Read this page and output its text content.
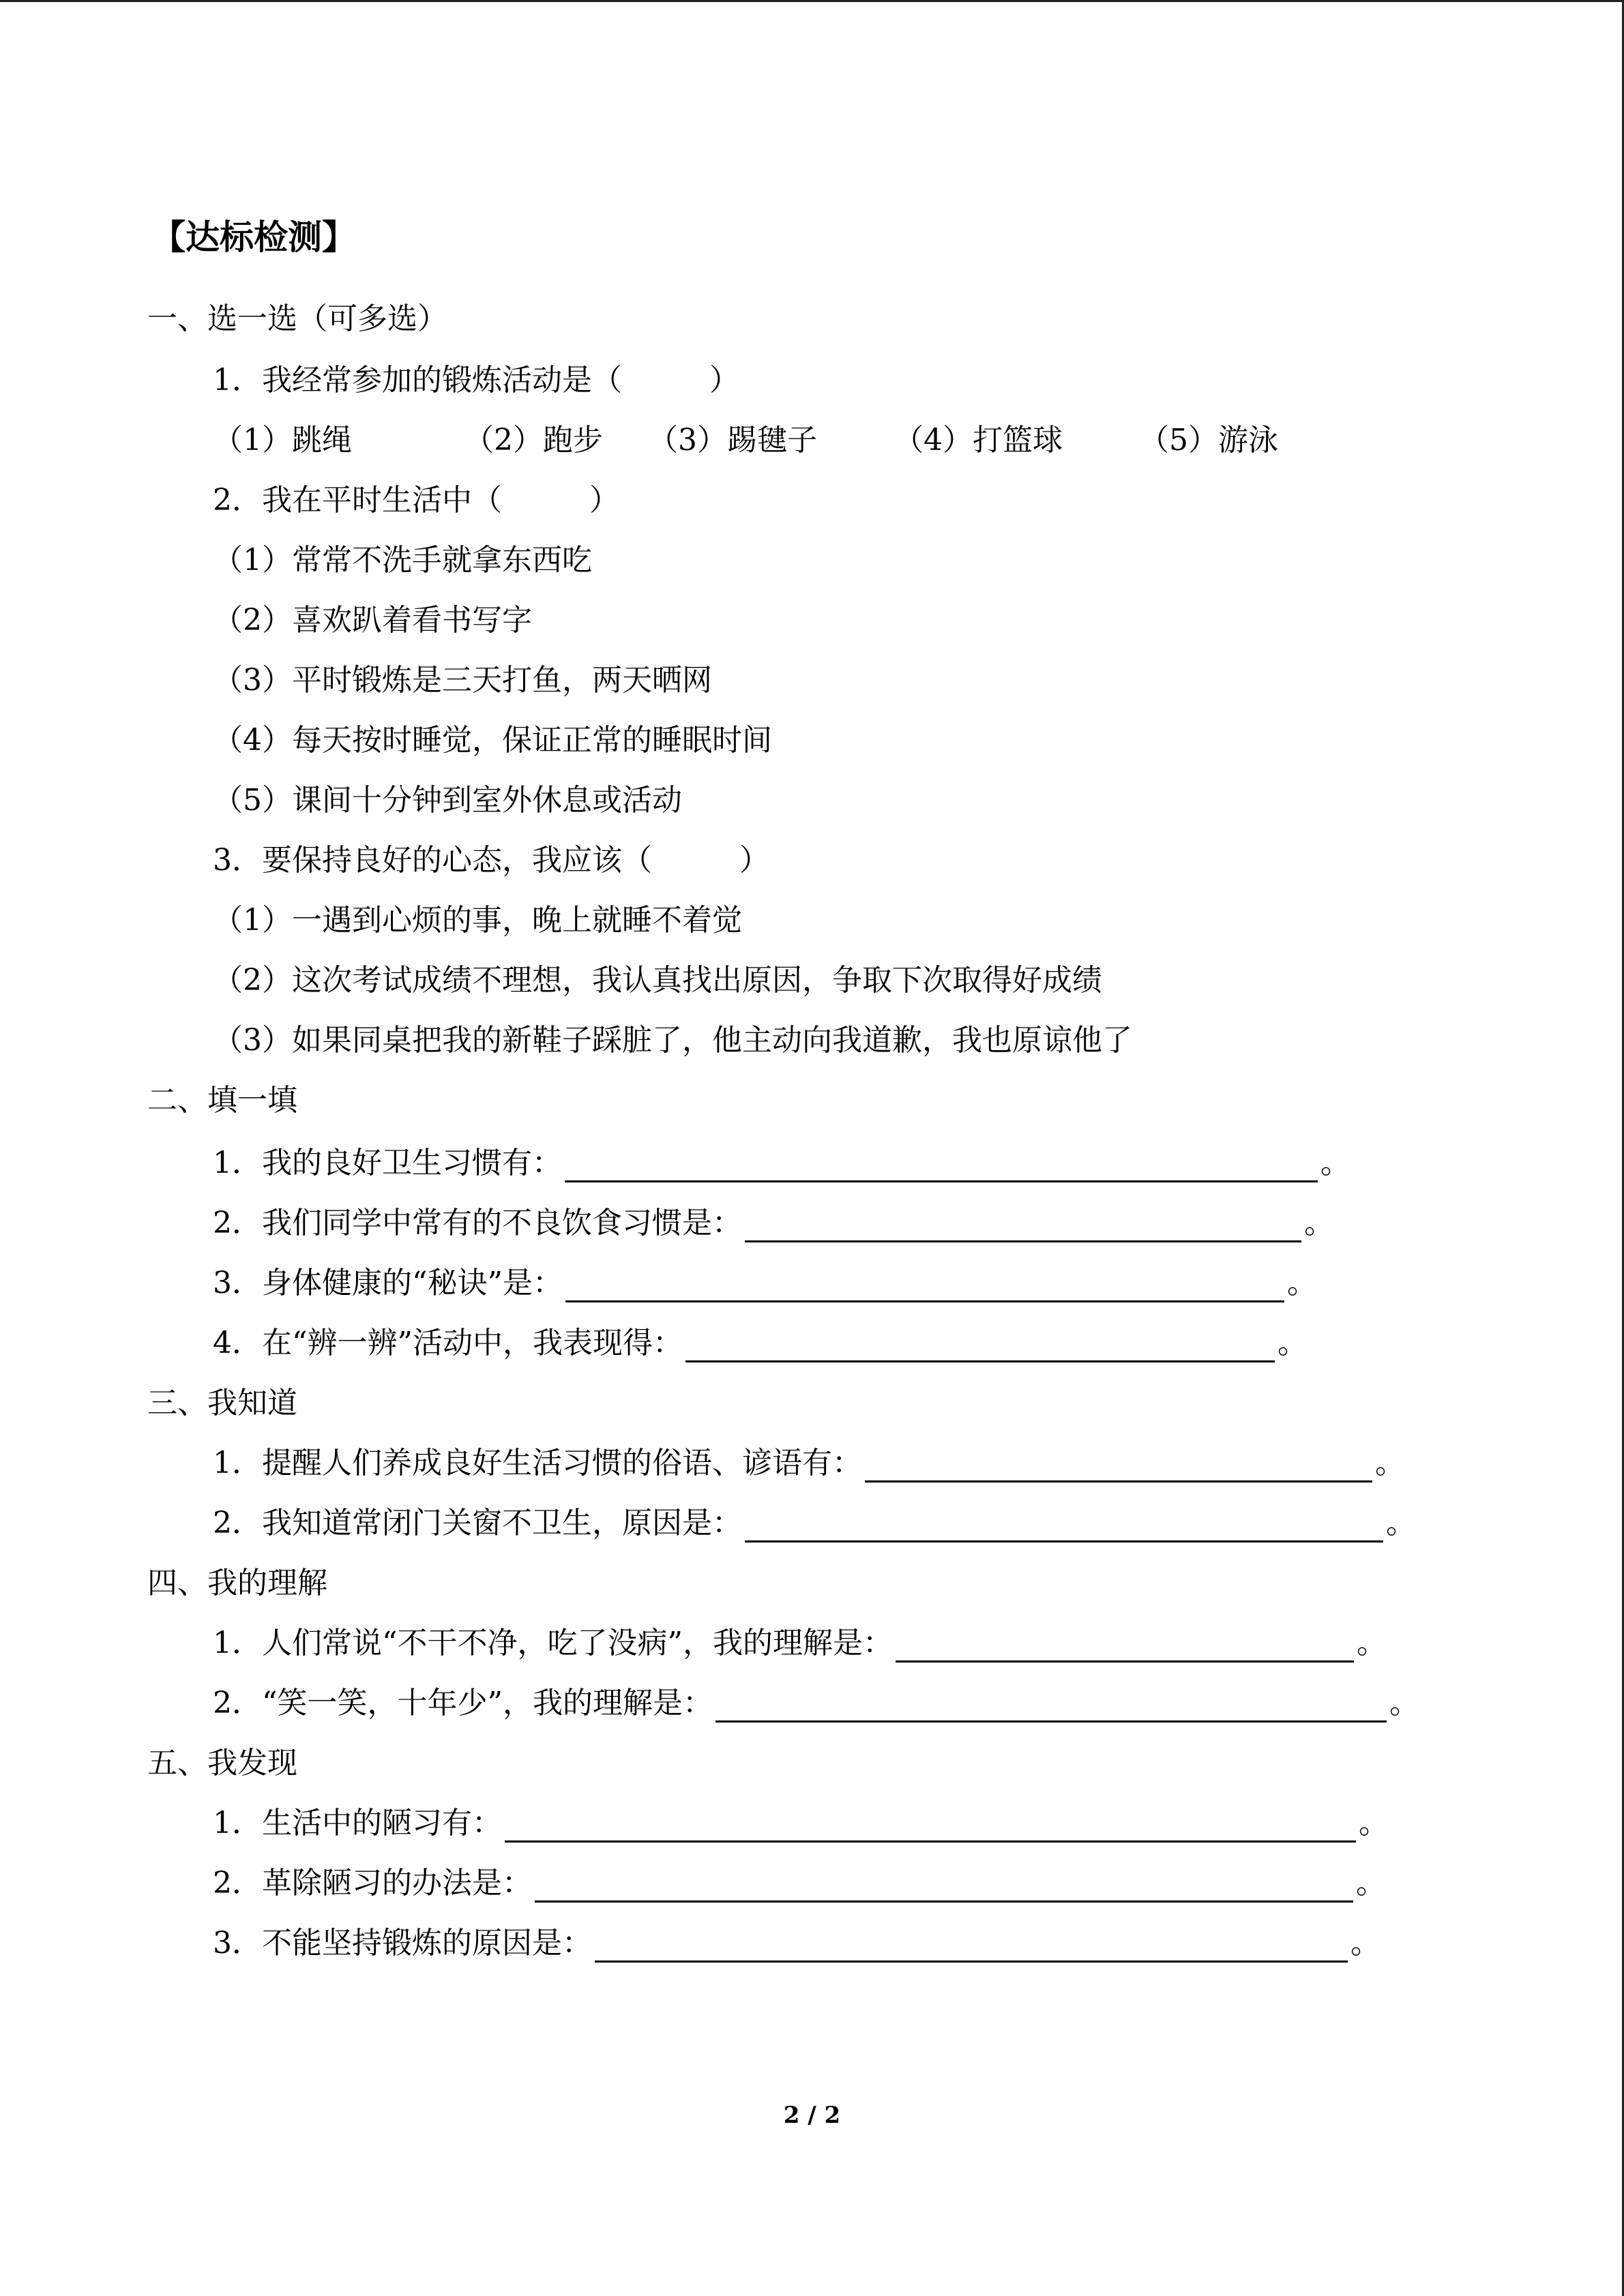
【达标检测】
一、选一选（可多选）
1．我经常参加的锻炼活动是（	）
（1）跳绳	（2）跑步 （3）踢毽子	（4）打篮球	（5）游泳
2．我在平时生活中（	）
（1）常常不洗手就拿东西吃
（2）喜欢趴着看书写字
（3）平时锻炼是三天打鱼，两天晒网
（4）每天按时睡觉，保证正常的睡眠时间
（5）课间十分钟到室外休息或活动
3．要保持良好的心态，我应该（	）
（1）一遇到心烦的事，晚上就睡不着觉
（2）这次考试成绩不理想，我认真找出原因，争取下次取得好成绩
（3）如果同桌把我的新鞋子踩脏了，他主动向我道歉，我也原谅他了
二、填一填
1．我的良好卫生习惯有：	。
2．我们同学中常有的不良饮食习惯是：	。
3．身体健康的“秘诀”是：	。
4．在“辨一辨”活动中，我表现得：	。
三、我知道
1．提醒人们养成良好生活习惯的俗语、谚语有：	。
2．我知道常闭门关窗不卫生，原因是：	。
四、我的理解
1．人们常说“不干不净，吃了没病”，我的理解是：	。
2．“笑一笑，十年少”，我的理解是：	。
五、我发现
1．生活中的陋习有：	。
2．革除陋习的办法是：	。
3．不能坚持锻炼的原因是：	。
2 / 2
